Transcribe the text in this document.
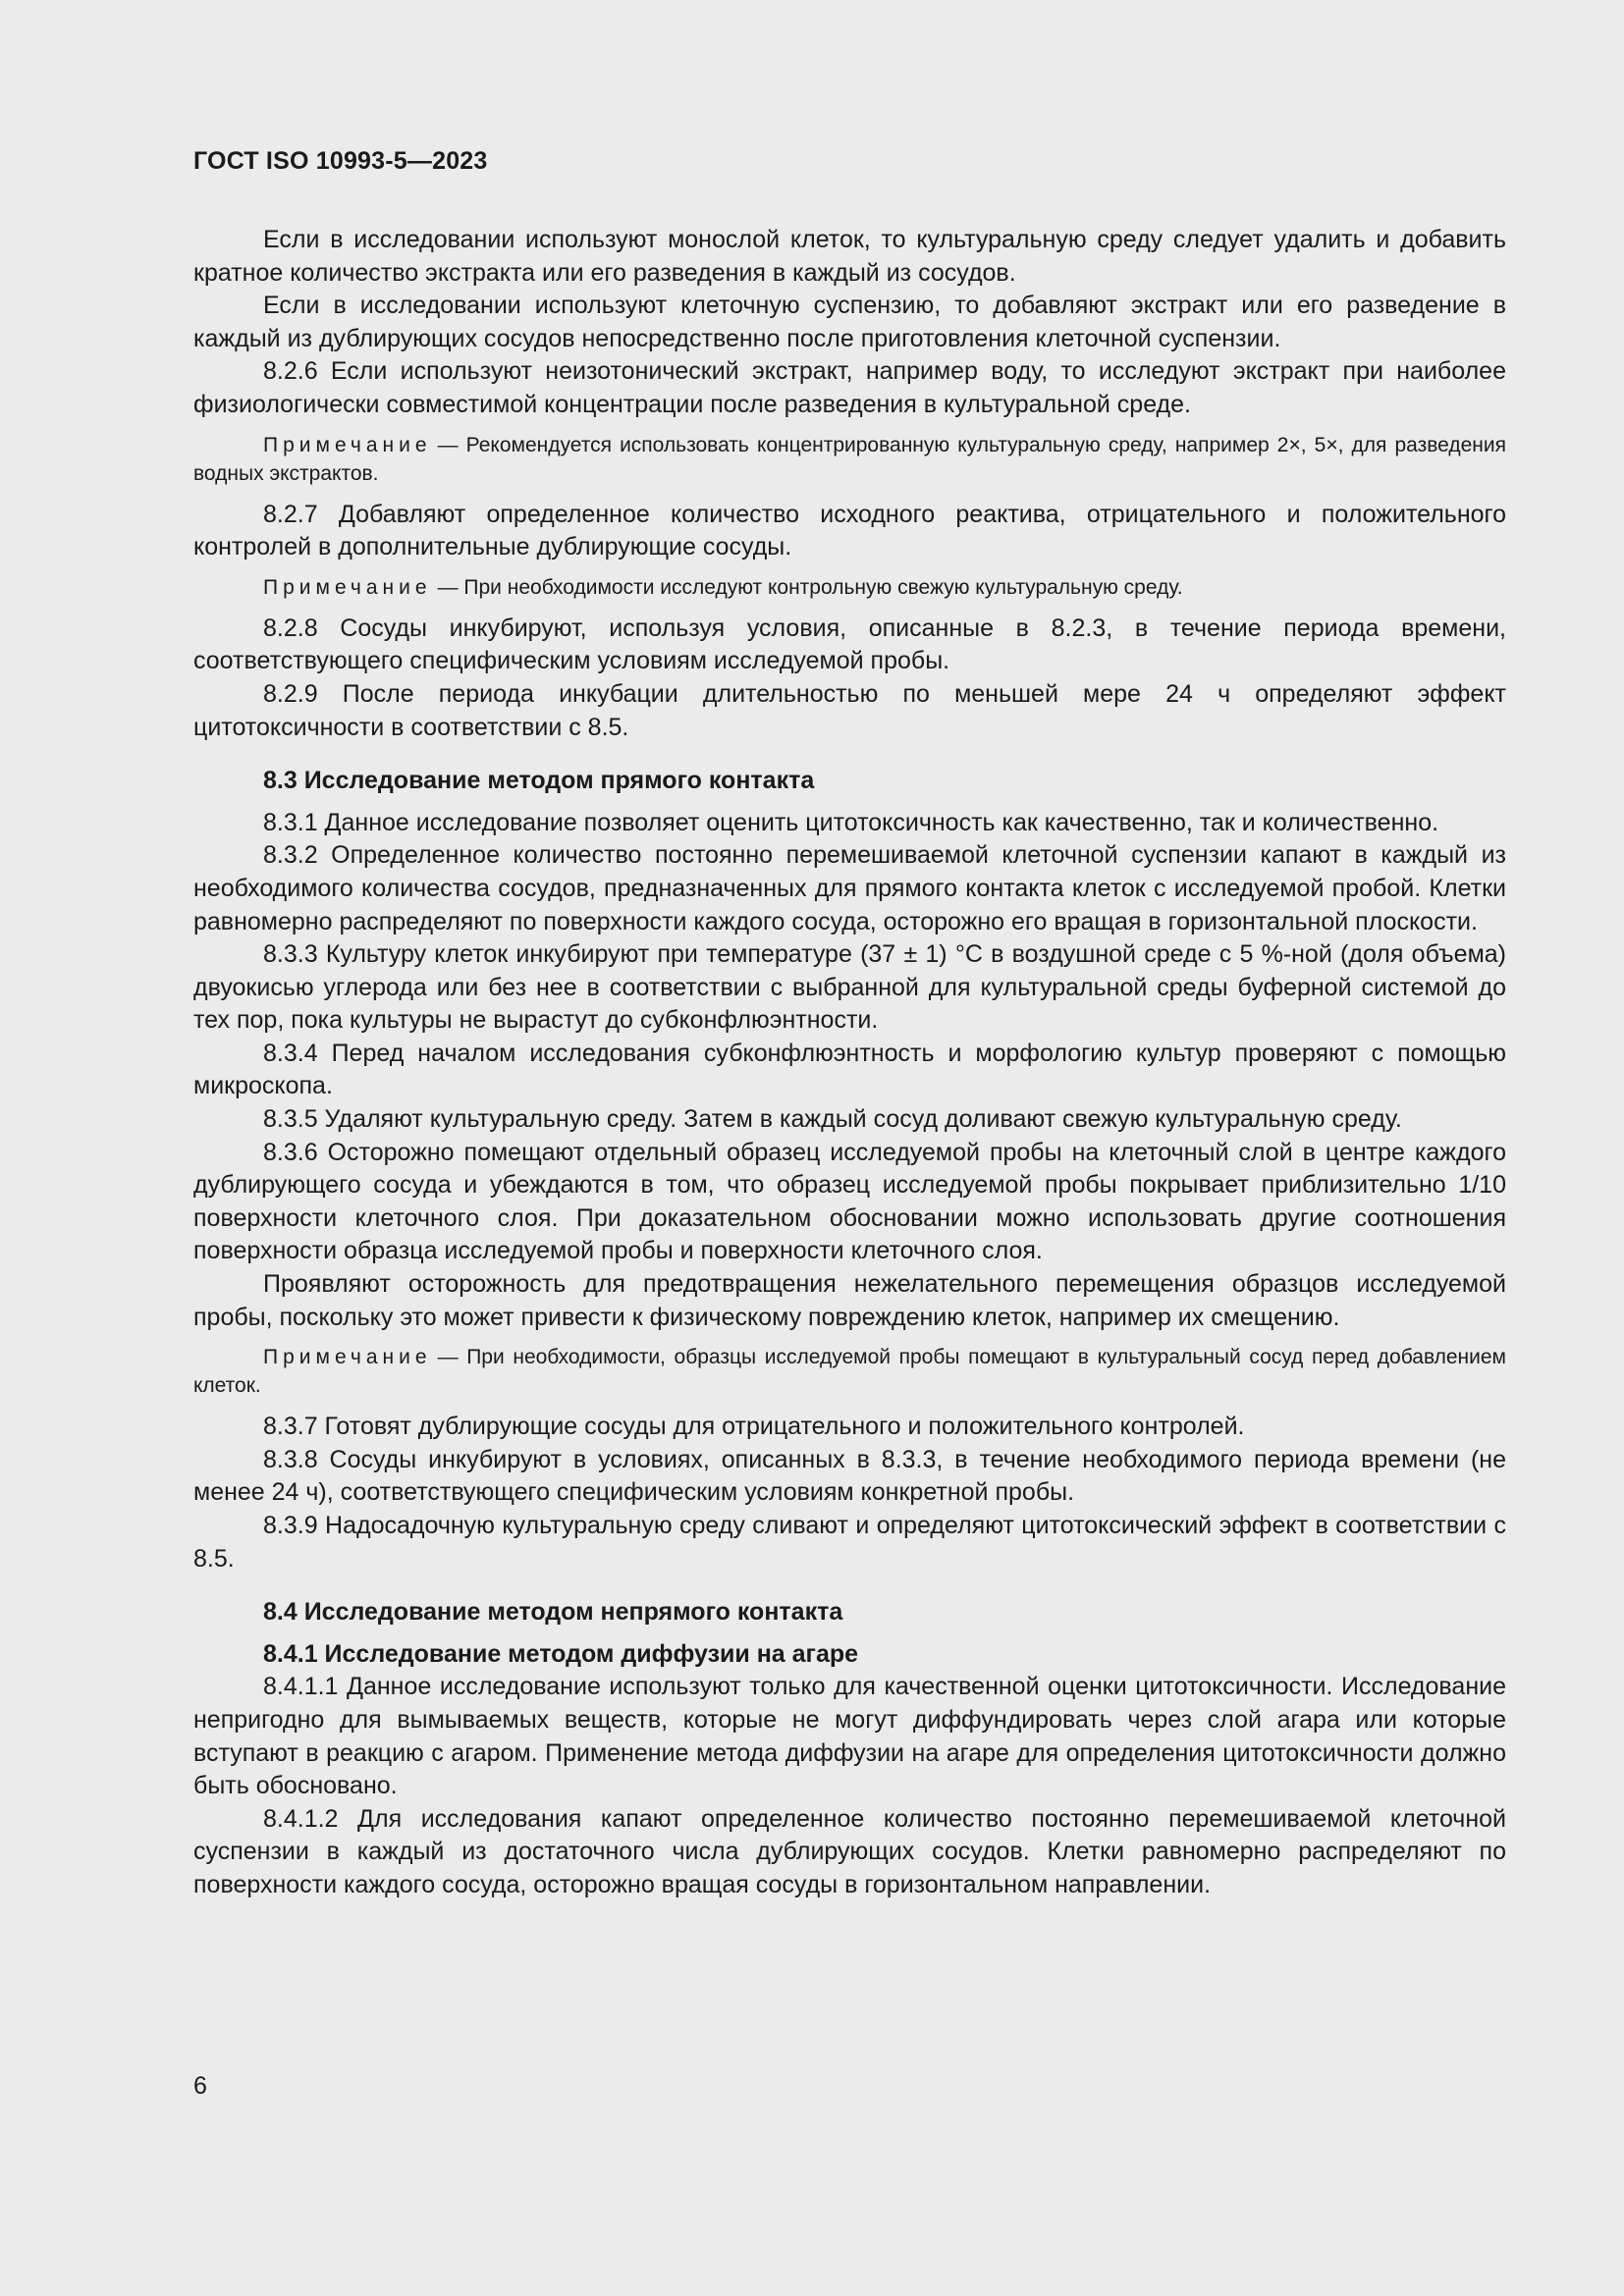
ГОСТ ISO 10993-5—2023

Если в исследовании используют монослой клеток, то культуральную среду следует удалить и добавить кратное количество экстракта или его разведения в каждый из сосудов.

Если в исследовании используют клеточную суспензию, то добавляют экстракт или его разведение в каждый из дублирующих сосудов непосредственно после приготовления клеточной суспензии.

8.2.6 Если используют неизотонический экстракт, например воду, то исследуют экстракт при наиболее физиологически совместимой концентрации после разведения в культуральной среде.

Примечание — Рекомендуется использовать концентрированную культуральную среду, например 2×, 5×, для разведения водных экстрактов.

8.2.7 Добавляют определенное количество исходного реактива, отрицательного и положительного контролей в дополнительные дублирующие сосуды.

Примечание — При необходимости исследуют контрольную свежую культуральную среду.

8.2.8 Сосуды инкубируют, используя условия, описанные в 8.2.3, в течение периода времени, соответствующего специфическим условиям исследуемой пробы.

8.2.9 После периода инкубации длительностью по меньшей мере 24 ч определяют эффект цитотоксичности в соответствии с 8.5.

8.3 Исследование методом прямого контакта

8.3.1 Данное исследование позволяет оценить цитотоксичность как качественно, так и количественно.

8.3.2 Определенное количество постоянно перемешиваемой клеточной суспензии капают в каждый из необходимого количества сосудов, предназначенных для прямого контакта клеток с исследуемой пробой. Клетки равномерно распределяют по поверхности каждого сосуда, осторожно его вращая в горизонтальной плоскости.

8.3.3 Культуру клеток инкубируют при температуре (37 ± 1) °С в воздушной среде с 5 %-ной (доля объема) двуокисью углерода или без нее в соответствии с выбранной для культуральной среды буферной системой до тех пор, пока культуры не вырастут до субконфлюэнтности.

8.3.4 Перед началом исследования субконфлюэнтность и морфологию культур проверяют с помощью микроскопа.

8.3.5 Удаляют культуральную среду. Затем в каждый сосуд доливают свежую культуральную среду.

8.3.6 Осторожно помещают отдельный образец исследуемой пробы на клеточный слой в центре каждого дублирующего сосуда и убеждаются в том, что образец исследуемой пробы покрывает приблизительно 1/10 поверхности клеточного слоя. При доказательном обосновании можно использовать другие соотношения поверхности образца исследуемой пробы и поверхности клеточного слоя.

Проявляют осторожность для предотвращения нежелательного перемещения образцов исследуемой пробы, поскольку это может привести к физическому повреждению клеток, например их смещению.

Примечание — При необходимости, образцы исследуемой пробы помещают в культуральный сосуд перед добавлением клеток.

8.3.7 Готовят дублирующие сосуды для отрицательного и положительного контролей.

8.3.8 Сосуды инкубируют в условиях, описанных в 8.3.3, в течение необходимого периода времени (не менее 24 ч), соответствующего специфическим условиям конкретной пробы.

8.3.9 Надосадочную культуральную среду сливают и определяют цитотоксический эффект в соответствии с 8.5.

8.4 Исследование методом непрямого контакта
8.4.1 Исследование методом диффузии на агаре

8.4.1.1 Данное исследование используют только для качественной оценки цитотоксичности. Исследование непригодно для вымываемых веществ, которые не могут диффундировать через слой агара или которые вступают в реакцию с агаром. Применение метода диффузии на агаре для определения цитотоксичности должно быть обосновано.

8.4.1.2 Для исследования капают определенное количество постоянно перемешиваемой клеточной суспензии в каждый из достаточного числа дублирующих сосудов. Клетки равномерно распределяют по поверхности каждого сосуда, осторожно вращая сосуды в горизонтальном направлении.

6
